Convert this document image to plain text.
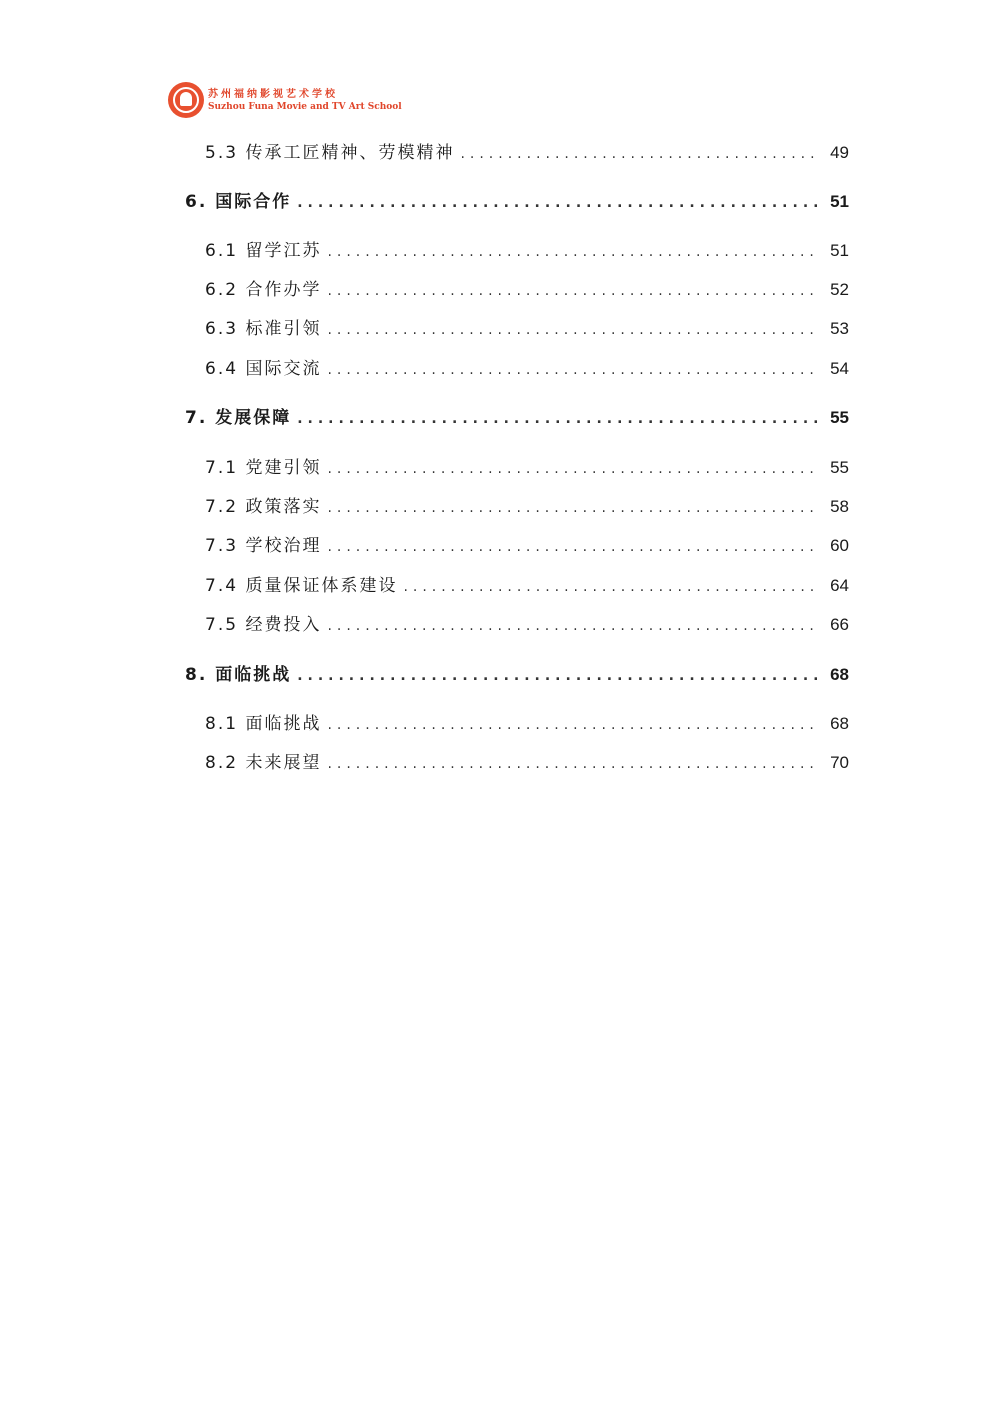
苏州福纳影视艺术学校
Suzhou Funa Movie and TV Art School
5.3 传承工匠精神、劳模精神 .....	49
6. 国际合作 .....	51
6.1 留学江苏 .....	51
6.2 合作办学 .....	52
6.3 标准引领 .....	53
6.4 国际交流 .....	54
7. 发展保障 .....	55
7.1 党建引领 .....	55
7.2 政策落实 .....	58
7.3 学校治理 .....	60
7.4 质量保证体系建设 .....	64
7.5 经费投入 .....	66
8. 面临挑战 .....	68
8.1 面临挑战 .....	68
8.2 未来展望 .....	70
